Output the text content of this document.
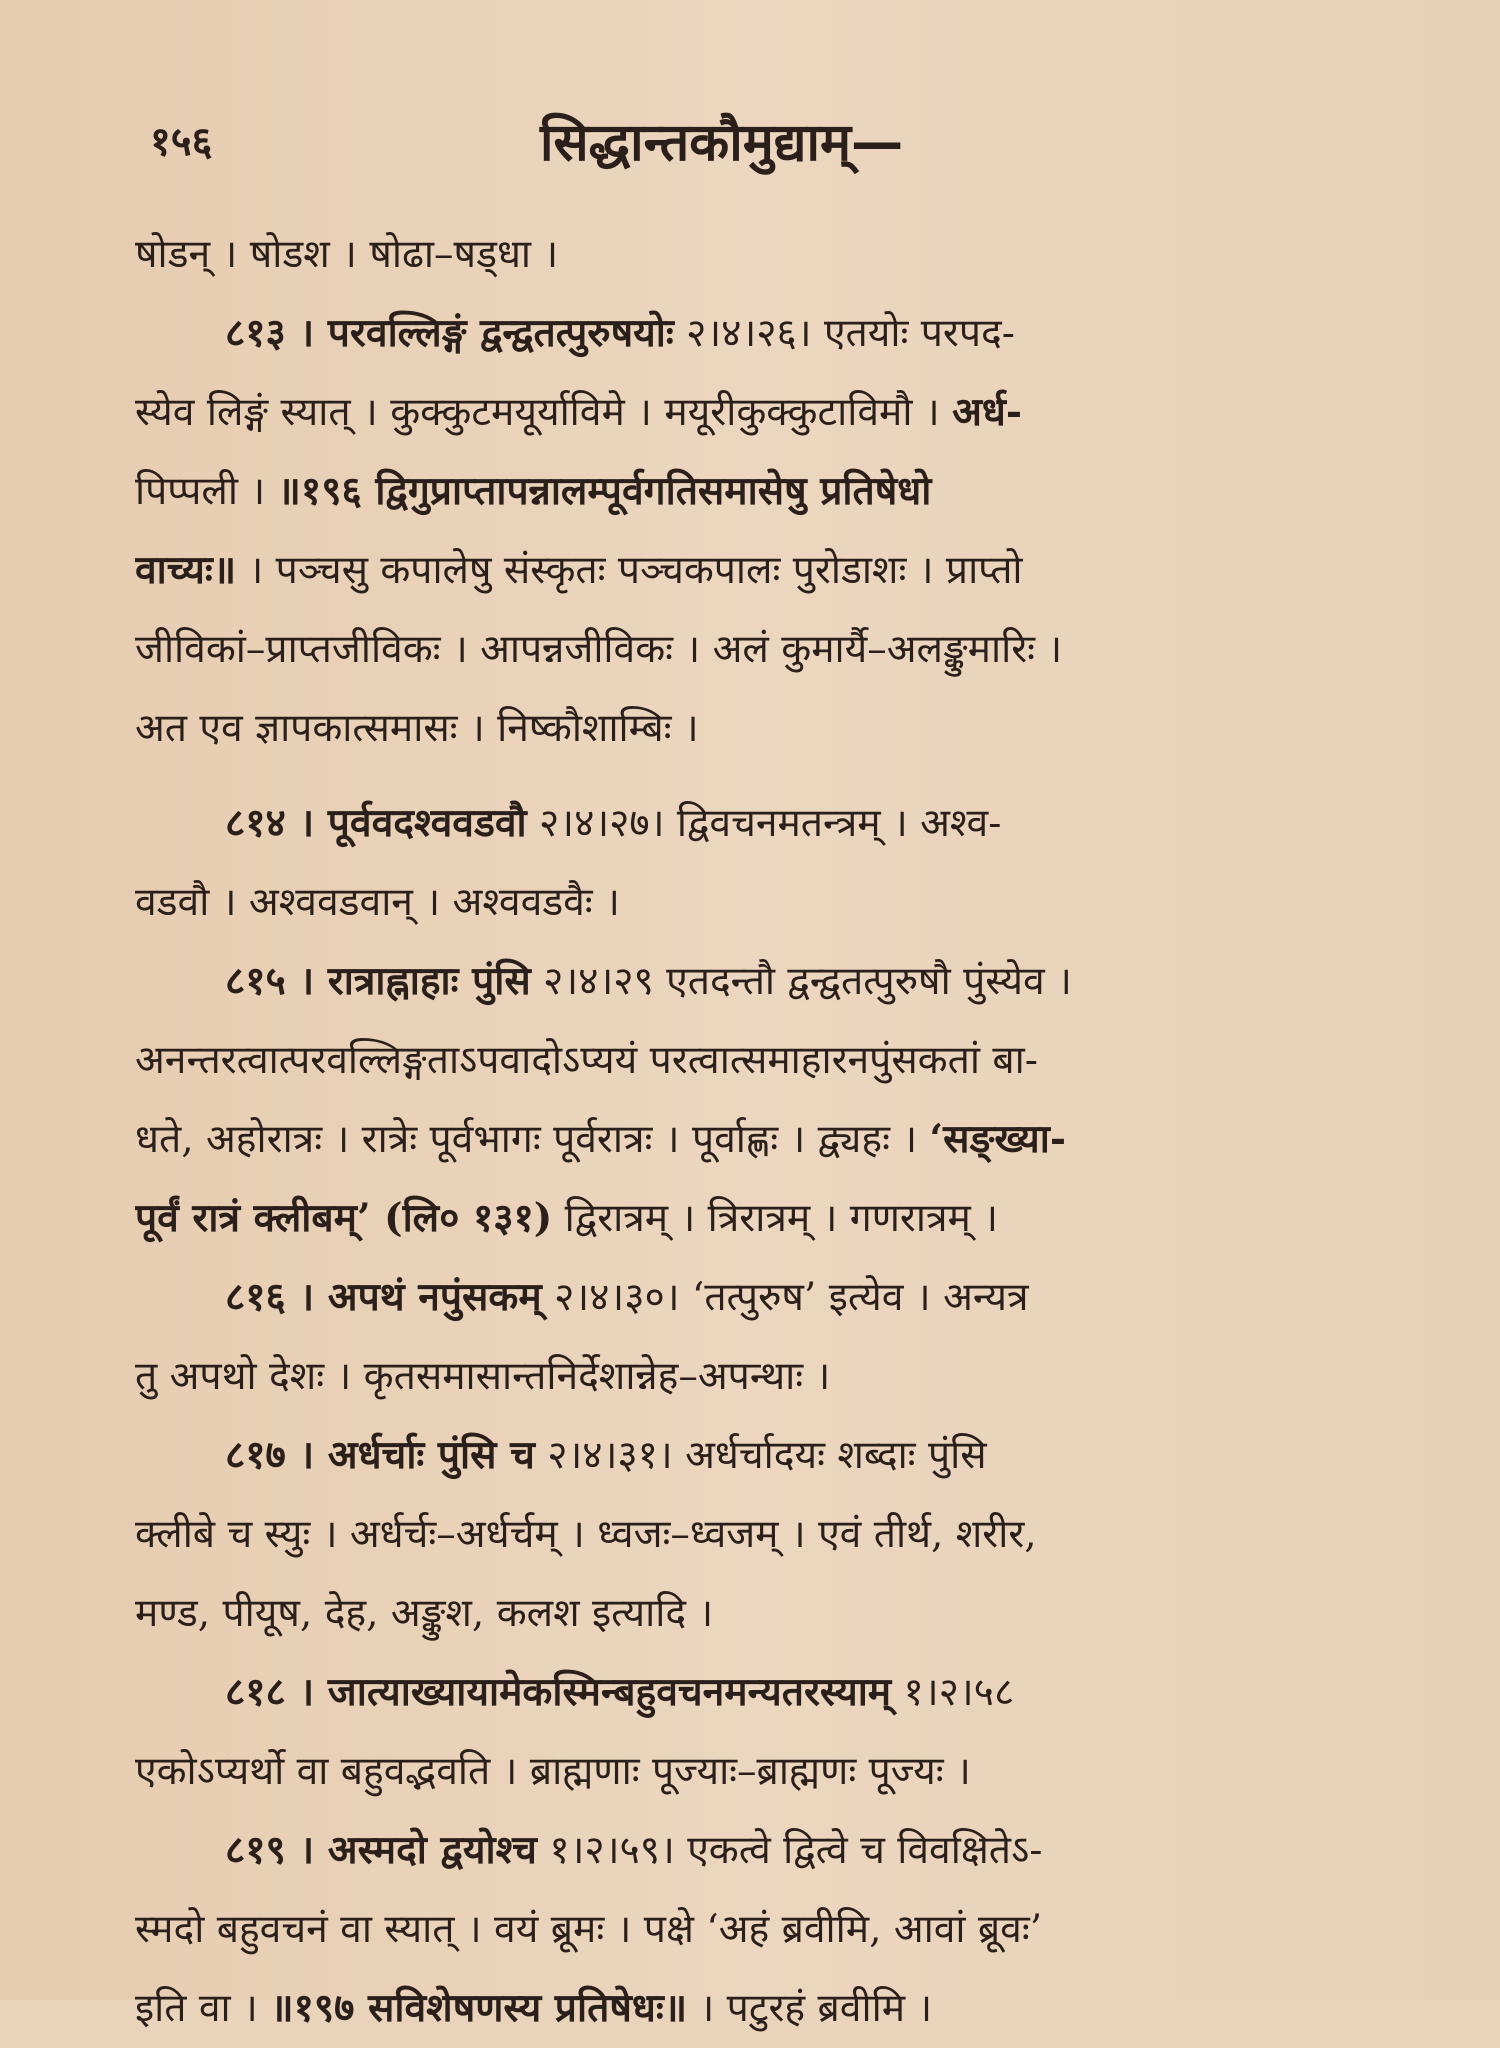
१५६	सिद्धान्तकौमुद्याम्—
षोडन् । षोडश । षोढा–षड्धा ।
८१३ । परवल्लिङ्गं द्वन्द्वतत्पुरुषयोः २।४।२६। एतयोः परपद-
स्येव लिङ्गं स्यात् । कुक्कुटमयूर्याविमे । मयूरीकुक्कुटाविमौ । अर्ध-
पिप्पली । ॥१९६ द्विगुप्राप्तापन्नालम्पूर्वगतिसमासेषु प्रतिषेधो
वाच्यः॥ । पञ्चसु कपालेषु संस्कृतः पञ्चकपालः पुरोडाशः । प्राप्तो
जीविकां–प्राप्तजीविकः । आपन्नजीविकः । अलं कुमार्यै–अलङ्कुमारिः ।
अत एव ज्ञापकात्समासः । निष्कौशाम्बिः ।
८१४ । पूर्ववदश्ववडवौ २।४।२७। द्विवचनमतन्त्रम् । अश्व-
वडवौ । अश्ववडवान् । अश्ववडवैः ।
८१५ । रात्राह्नाहाः पुंसि २।४।२९ एतदन्तौ द्वन्द्वतत्पुरुषौ पुंस्येव ।
अनन्तरत्वात्परवल्लिङ्गताऽपवादोऽप्ययं परत्वात्समाहारनपुंसकतां बा-
धते, अहोरात्रः । रात्रेः पूर्वभागः पूर्वरात्रः । पूर्वाह्णः । द्व्यहः । ‘सङ्ख्या-
पूर्वं रात्रं क्लीबम्’ (लि० १३१) द्विरात्रम् । त्रिरात्रम् । गणरात्रम् ।
८१६ । अपथं नपुंसकम् २।४।३०। ‘तत्पुरुष’ इत्येव । अन्यत्र
तु अपथो देशः । कृतसमासान्तनिर्देशान्नेह–अपन्थाः ।
८१७ । अर्धर्चाः पुंसि च २।४।३१। अर्धर्चादयः शब्दाः पुंसि
क्लीबे च स्युः । अर्धर्चः–अर्धर्चम् । ध्वजः–ध्वजम् । एवं तीर्थ, शरीर,
मण्ड, पीयूष, देह, अङ्कुश, कलश इत्यादि ।
८१८ । जात्याख्यायामेकस्मिन्बहुवचनमन्यतरस्याम् १।२।५८
एकोऽप्यर्थो वा बहुवद्भवति । ब्राह्मणाः पूज्याः–ब्राह्मणः पूज्यः ।
८१९ । अस्मदो द्वयोश्च १।२।५९। एकत्वे द्वित्वे च विवक्षितेऽ-
स्मदो बहुवचनं वा स्यात् । वयं ब्रूमः । पक्षे ‘अहं ब्रवीमि, आवां ब्रूवः’
इति वा । ॥१९७ सविशेषणस्य प्रतिषेधः॥ । पटुरहं ब्रवीमि ।
